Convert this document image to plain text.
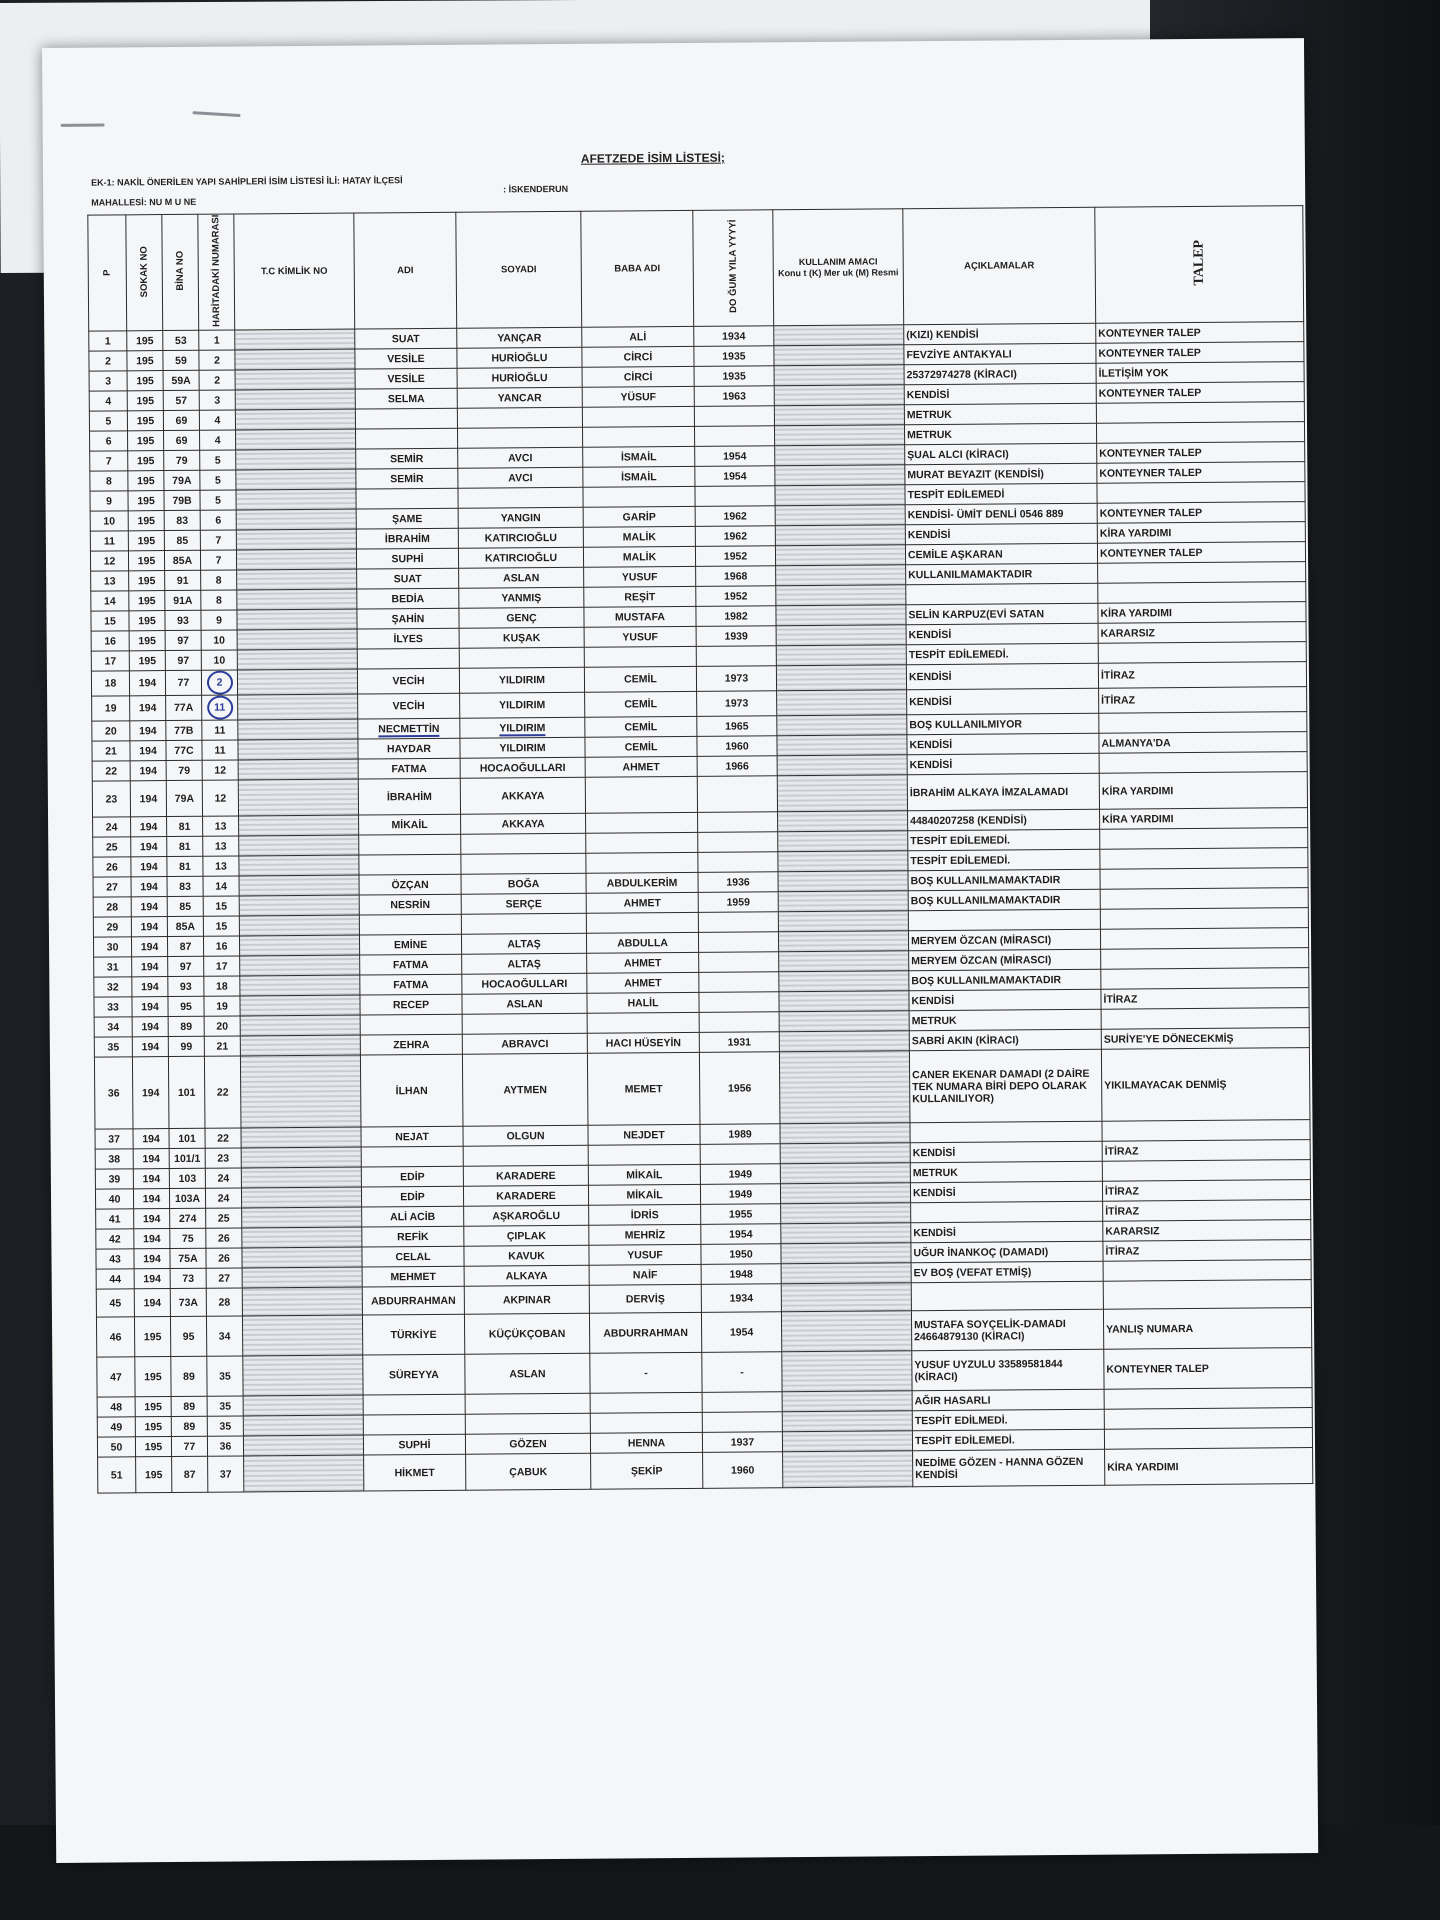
AFETZEDE İSİM LİSTESİ;
EK-1: NAKİL ÖNERİLEN YAPI SAHİPLERİ İSİM LİSTESİ İLİ: HATAY İLÇESİ
: İSKENDERUN
MAHALLESİ: NU M U NE
P	SOKAK NO	BİNA NO	HARİTADAKİ NUMARASI	T.C KİMLİK NO	ADI	SOYADI	BABA ADI	DO ĞUM YILA YYYYİ	KULLANIM AMACI
Konu t (K) Mer uk (M) Resmi	AÇIKLAMALAR	TALEP
1	195	53	1		SUAT	YANÇAR	ALİ	1934		(KIZI) KENDİSİ	KONTEYNER TALEP
2	195	59	2		VESİLE	HURİOĞLU	CİRCİ	1935		FEVZİYE ANTAKYALI	KONTEYNER TALEP
3	195	59A	2		VESİLE	HURİOĞLU	CİRCİ	1935		25372974278 (KİRACI)	İLETİŞİM YOK
4	195	57	3		SELMA	YANCAR	YÜSUF	1963		KENDİSİ	KONTEYNER TALEP
5	195	69	4							METRUK	
6	195	69	4							METRUK	
7	195	79	5		SEMİR	AVCI	İSMAİL	1954		ŞUAL ALCI (KİRACI)	KONTEYNER TALEP
8	195	79A	5		SEMİR	AVCI	İSMAİL	1954		MURAT BEYAZIT (KENDİSİ)	KONTEYNER TALEP
9	195	79B	5							TESPİT EDİLEMEDİ	
10	195	83	6		ŞAME	YANGIN	GARİP	1962		KENDİSİ- ÜMİT DENLİ 0546 889	KONTEYNER TALEP
11	195	85	7		İBRAHİM	KATIRCIOĞLU	MALİK	1962		KENDİSİ	KİRA YARDIMI
12	195	85A	7		SUPHİ	KATIRCIOĞLU	MALİK	1952		CEMİLE AŞKARAN	KONTEYNER TALEP
13	195	91	8		SUAT	ASLAN	YUSUF	1968		KULLANILMAMAKTADIR	
14	195	91A	8		BEDİA	YANMIŞ	REŞİT	1952			
15	195	93	9		ŞAHİN	GENÇ	MUSTAFA	1982		SELİN KARPUZ(EVİ SATAN	KİRA YARDIMI
16	195	97	10		İLYES	KUŞAK	YUSUF	1939		KENDİSİ	KARARSIZ
17	195	97	10							TESPİT EDİLEMEDİ.	
18	194	77	2		VECİH	YILDIRIM	CEMİL	1973		KENDİSİ	İTİRAZ
19	194	77A	11		VECİH	YILDIRIM	CEMİL	1973		KENDİSİ	İTİRAZ
20	194	77B	11		NECMETTİN	YILDIRIM	CEMİL	1965		BOŞ KULLANILMIYOR	
21	194	77C	11		HAYDAR	YILDIRIM	CEMİL	1960		KENDİSİ	ALMANYA'DA
22	194	79	12		FATMA	HOCAOĞULLARI	AHMET	1966		KENDİSİ	
23	194	79A	12		İBRAHİM	AKKAYA				İBRAHİM ALKAYA İMZALAMADI	KİRA YARDIMI
24	194	81	13		MİKAİL	AKKAYA				44840207258 (KENDİSİ)	KİRA YARDIMI
25	194	81	13							TESPİT EDİLEMEDİ.	
26	194	81	13							TESPİT EDİLEMEDİ.	
27	194	83	14		ÖZÇAN	BOĞA	ABDULKERİM	1936		BOŞ KULLANILMAMAKTADIR	
28	194	85	15		NESRİN	SERÇE	AHMET	1959		BOŞ KULLANILMAMAKTADIR	
29	194	85A	15								
30	194	87	16		EMİNE	ALTAŞ	ABDULLA			MERYEM ÖZCAN (MİRASCI)	
31	194	97	17		FATMA	ALTAŞ	AHMET			MERYEM ÖZCAN (MİRASCI)	
32	194	93	18		FATMA	HOCAOĞULLARI	AHMET			BOŞ KULLANILMAMAKTADIR	
33	194	95	19		RECEP	ASLAN	HALİL			KENDİSİ	İTİRAZ
34	194	89	20							METRUK	
35	194	99	21		ZEHRA	ABRAVCI	HACI HÜSEYİN	1931		SABRİ AKIN (KİRACI)	SURİYE'YE DÖNECEKMİŞ
36	194	101	22		İLHAN	AYTMEN	MEMET	1956		CANER EKENAR DAMADI (2 DAİRE TEK NUMARA BİRİ DEPO OLARAK KULLANILIYOR)	YIKILMAYACAK DENMİŞ
37	194	101	22		NEJAT	OLGUN	NEJDET	1989			
38	194	101/1	23							KENDİSİ	İTİRAZ
39	194	103	24		EDİP	KARADERE	MİKAİL	1949		METRUK	
40	194	103A	24		EDİP	KARADERE	MİKAİL	1949		KENDİSİ	İTİRAZ
41	194	274	25		ALİ ACİB	AŞKAROĞLU	İDRİS	1955			İTİRAZ
42	194	75	26		REFİK	ÇIPLAK	MEHRİZ	1954		KENDİSİ	KARARSIZ
43	194	75A	26		CELAL	KAVUK	YUSUF	1950		UĞUR İNANKOÇ (DAMADI)	İTİRAZ
44	194	73	27		MEHMET	ALKAYA	NAİF	1948		EV BOŞ (VEFAT ETMİŞ)	
45	194	73A	28		ABDURRAHMAN	AKPINAR	DERVİŞ	1934			
46	195	95	34		TÜRKİYE	KÜÇÜKÇOBAN	ABDURRAHMAN	1954		MUSTAFA SOYÇELİK-DAMADI 24664879130 (KİRACI)	YANLIŞ NUMARA
47	195	89	35		SÜREYYA	ASLAN	-	-		YUSUF UYZULU 33589581844 (KİRACI)	KONTEYNER TALEP
48	195	89	35							AĞIR HASARLI	
49	195	89	35							TESPİT EDİLMEDİ.	
50	195	77	36		SUPHİ	GÖZEN	HENNA	1937		TESPİT EDİLEMEDİ.	
51	195	87	37		HİKMET	ÇABUK	ŞEKİP	1960		NEDİME GÖZEN - HANNA GÖZEN KENDİSİ	KİRA YARDIMI
